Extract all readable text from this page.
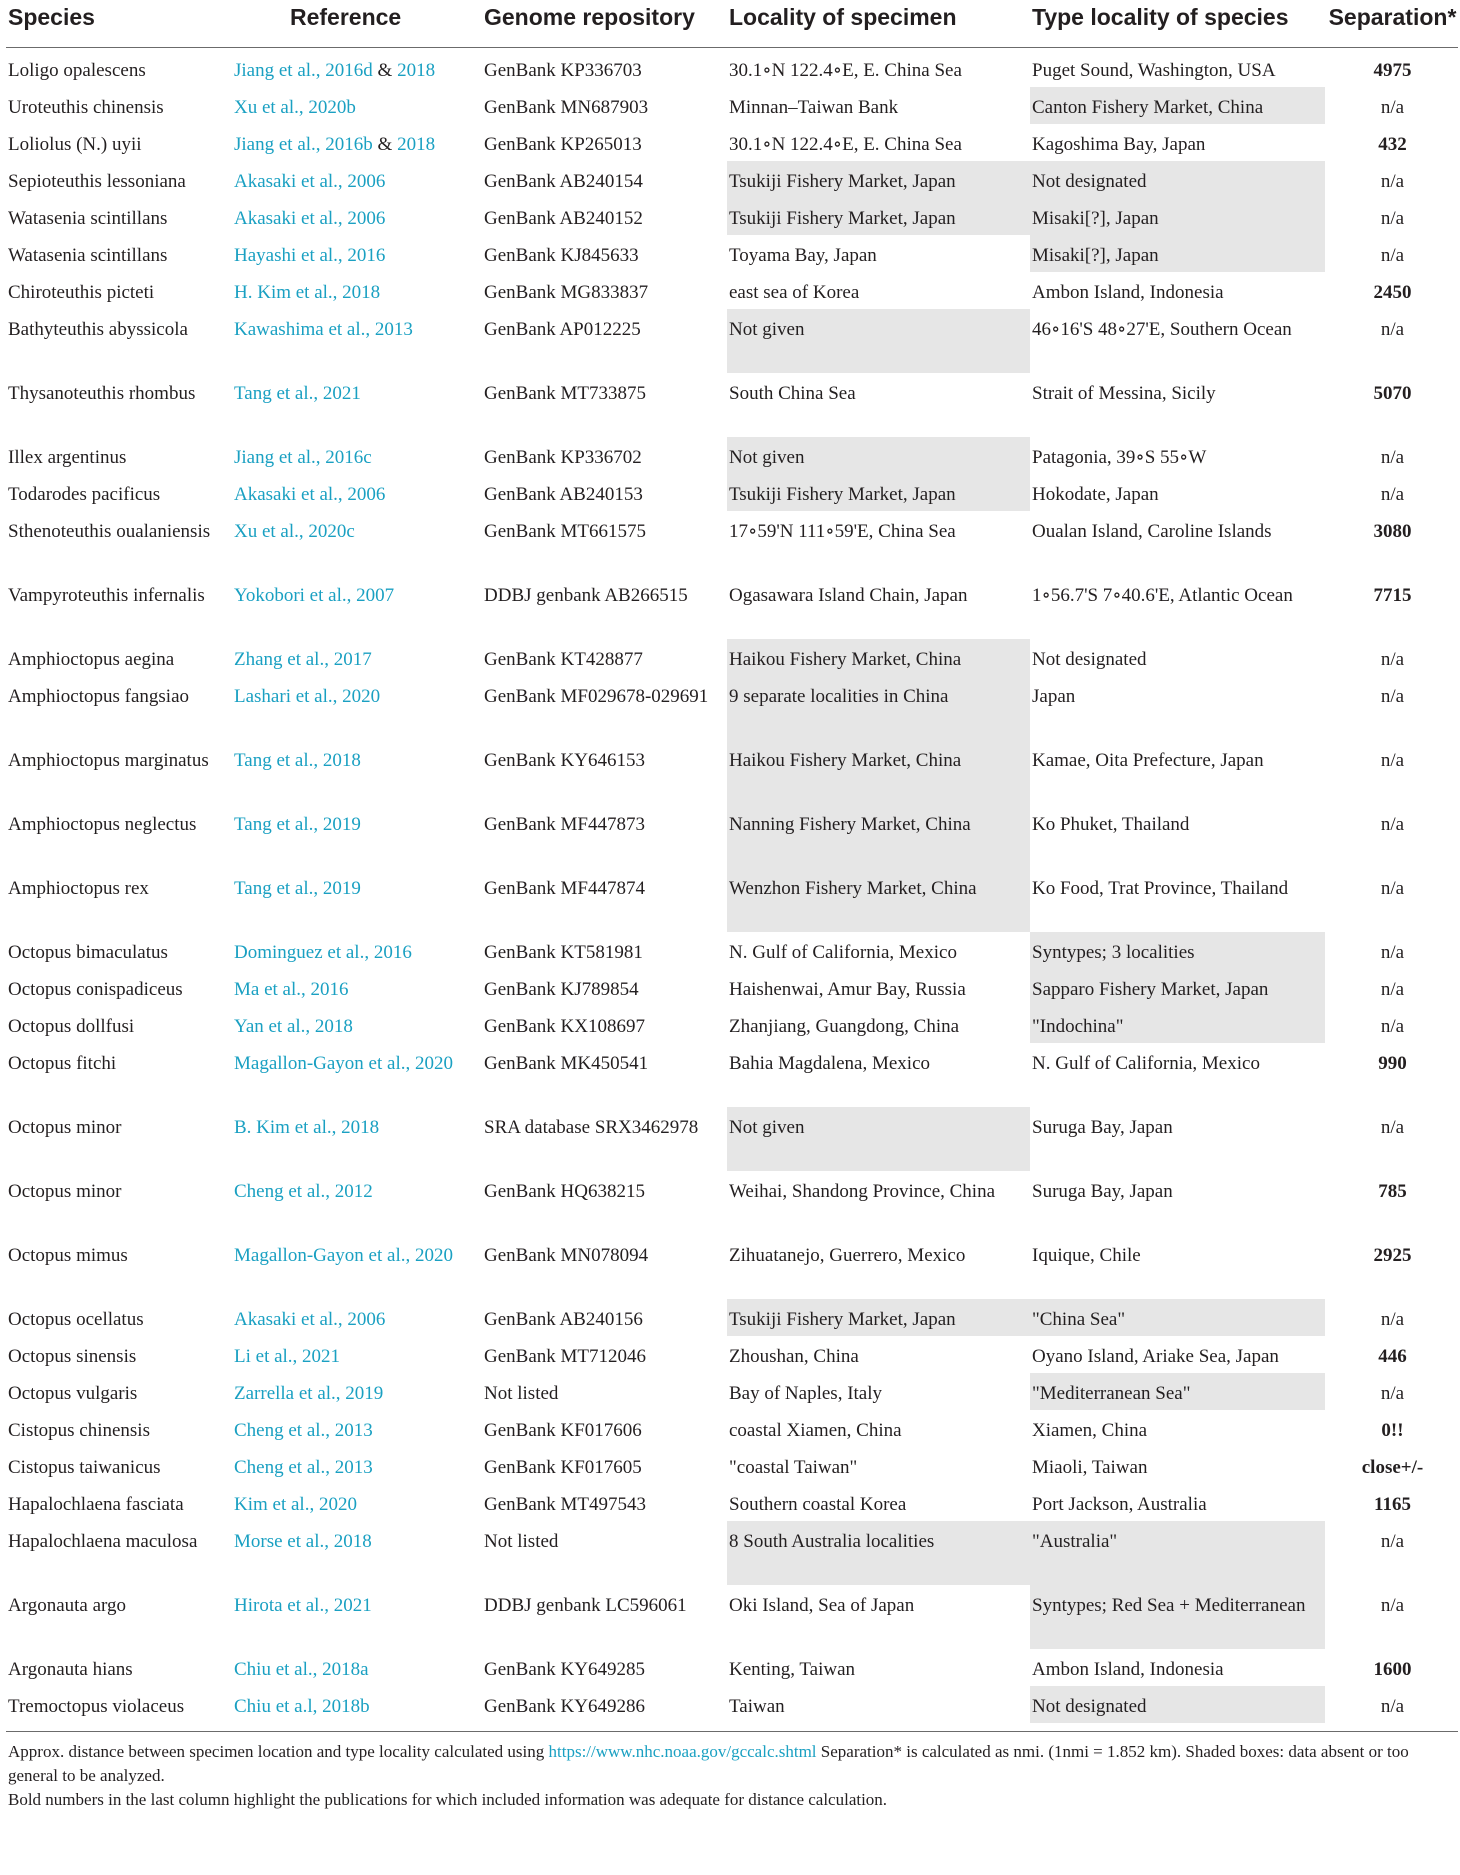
Species	Reference	Genome repository	Locality of specimen	Type locality of species	Separation*
Loligo opalescens	Jiang et al., 2016d & 2018	GenBank KP336703	30.1∘N 122.4∘E, E. China Sea	Puget Sound, Washington, USA	4975
Uroteuthis chinensis	Xu et al., 2020b	GenBank MN687903	Minnan–Taiwan Bank	Canton Fishery Market, China	n/a
Loliolus (N.) uyii	Jiang et al., 2016b & 2018	GenBank KP265013	30.1∘N 122.4∘E, E. China Sea	Kagoshima Bay, Japan	432
Sepioteuthis lessoniana	Akasaki et al., 2006	GenBank AB240154	Tsukiji Fishery Market, Japan	Not designated	n/a
Watasenia scintillans	Akasaki et al., 2006	GenBank AB240152	Tsukiji Fishery Market, Japan	Misaki[?], Japan	n/a
Watasenia scintillans	Hayashi et al., 2016	GenBank KJ845633	Toyama Bay, Japan	Misaki[?], Japan	n/a
Chiroteuthis picteti	H. Kim et al., 2018	GenBank MG833837	east sea of Korea	Ambon Island, Indonesia	2450
Bathyteuthis abyssicola	Kawashima et al., 2013	GenBank AP012225	Not given	46∘16'S 48∘27'E, Southern Ocean	n/a
Thysanoteuthis rhombus	Tang et al., 2021	GenBank MT733875	South China Sea	Strait of Messina, Sicily	5070
Illex argentinus	Jiang et al., 2016c	GenBank KP336702	Not given	Patagonia, 39∘S 55∘W	n/a
Todarodes pacificus	Akasaki et al., 2006	GenBank AB240153	Tsukiji Fishery Market, Japan	Hokodate, Japan	n/a
Sthenoteuthis oualaniensis	Xu et al., 2020c	GenBank MT661575	17∘59'N 111∘59'E, China Sea	Oualan Island, Caroline Islands	3080
Vampyroteuthis infernalis	Yokobori et al., 2007	DDBJ genbank AB266515	Ogasawara Island Chain, Japan	1∘56.7'S 7∘40.6'E, Atlantic Ocean	7715
Amphioctopus aegina	Zhang et al., 2017	GenBank KT428877	Haikou Fishery Market, China	Not designated	n/a
Amphioctopus fangsiao	Lashari et al., 2020	GenBank MF029678-029691	9 separate localities in China	Japan	n/a
Amphioctopus marginatus	Tang et al., 2018	GenBank KY646153	Haikou Fishery Market, China	Kamae, Oita Prefecture, Japan	n/a
Amphioctopus neglectus	Tang et al., 2019	GenBank MF447873	Nanning Fishery Market, China	Ko Phuket, Thailand	n/a
Amphioctopus rex	Tang et al., 2019	GenBank MF447874	Wenzhon Fishery Market, China	Ko Food, Trat Province, Thailand	n/a
Octopus bimaculatus	Dominguez et al., 2016	GenBank KT581981	N. Gulf of California, Mexico	Syntypes; 3 localities	n/a
Octopus conispadiceus	Ma et al., 2016	GenBank KJ789854	Haishenwai, Amur Bay, Russia	Sapparo Fishery Market, Japan	n/a
Octopus dollfusi	Yan et al., 2018	GenBank KX108697	Zhanjiang, Guangdong, China	"Indochina"	n/a
Octopus fitchi	Magallon-Gayon et al., 2020	GenBank MK450541	Bahia Magdalena, Mexico	N. Gulf of California, Mexico	990
Octopus minor	B. Kim et al., 2018	SRA database SRX3462978	Not given	Suruga Bay, Japan	n/a
Octopus minor	Cheng et al., 2012	GenBank HQ638215	Weihai, Shandong Province, China	Suruga Bay, Japan	785
Octopus mimus	Magallon-Gayon et al., 2020	GenBank MN078094	Zihuatanejo, Guerrero, Mexico	Iquique, Chile	2925
Octopus ocellatus	Akasaki et al., 2006	GenBank AB240156	Tsukiji Fishery Market, Japan	"China Sea"	n/a
Octopus sinensis	Li et al., 2021	GenBank MT712046	Zhoushan, China	Oyano Island, Ariake Sea, Japan	446
Octopus vulgaris	Zarrella et al., 2019	Not listed	Bay of Naples, Italy	"Mediterranean Sea"	n/a
Cistopus chinensis	Cheng et al., 2013	GenBank KF017606	coastal Xiamen, China	Xiamen, China	0!!
Cistopus taiwanicus	Cheng et al., 2013	GenBank KF017605	"coastal Taiwan"	Miaoli, Taiwan	close+/-
Hapalochlaena fasciata	Kim et al., 2020	GenBank MT497543	Southern coastal Korea	Port Jackson, Australia	1165
Hapalochlaena maculosa	Morse et al., 2018	Not listed	8 South Australia localities	"Australia"	n/a
Argonauta argo	Hirota et al., 2021	DDBJ genbank LC596061	Oki Island, Sea of Japan	Syntypes; Red Sea + Mediterranean	n/a
Argonauta hians	Chiu et al., 2018a	GenBank KY649285	Kenting, Taiwan	Ambon Island, Indonesia	1600
Tremoctopus violaceus	Chiu et a.l, 2018b	GenBank KY649286	Taiwan	Not designated	n/a
Approx. distance between specimen location and type locality calculated using https://www.nhc.noaa.gov/gccalc.shtml Separation* is calculated as nmi. (1nmi = 1.852 km). Shaded boxes: data absent or too general to be analyzed.
Bold numbers in the last column highlight the publications for which included information was adequate for distance calculation.
